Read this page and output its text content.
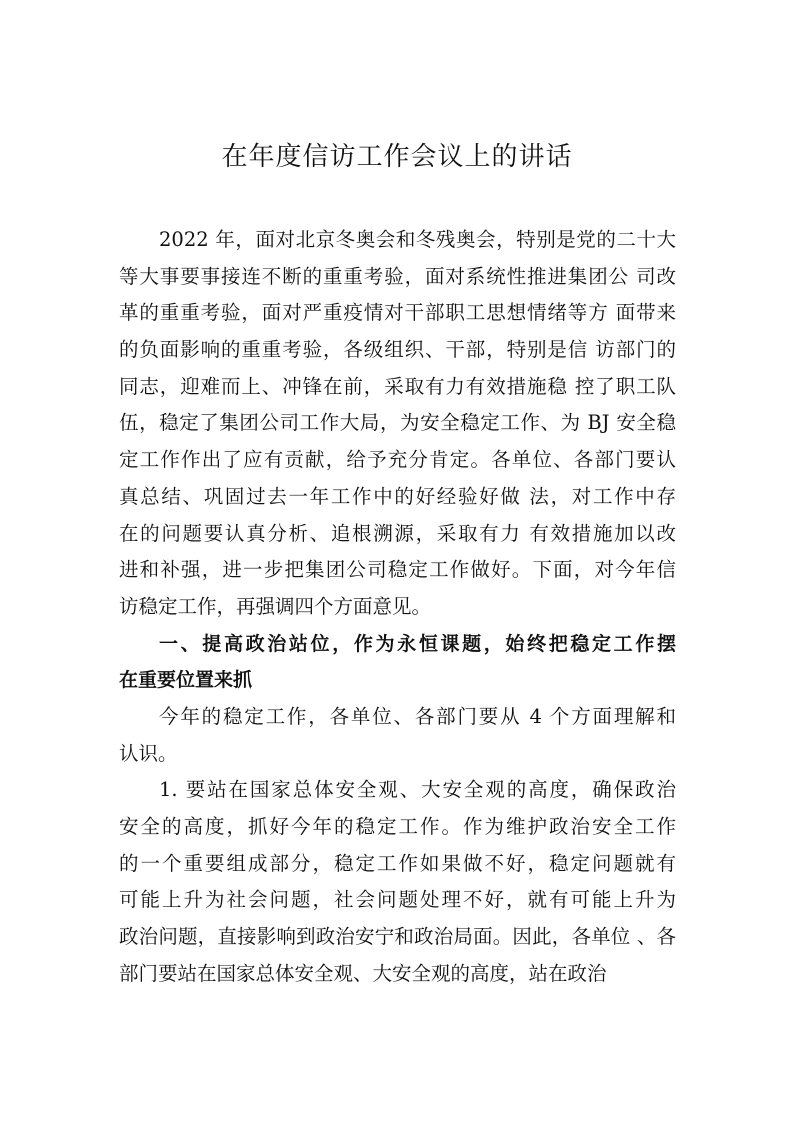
在年度信访工作会议上的讲话
2022 年，面对北京冬奥会和冬残奥会，特别是党的二十大
等大事要事接连不断的重重考验，面对系统性推进集团公 司改
革的重重考验，面对严重疫情对干部职工思想情绪等方 面带来
的负面影响的重重考验，各级组织、干部，特别是信 访部门的
同志，迎难而上、冲锋在前，采取有力有效措施稳 控了职工队
伍，稳定了集团公司工作大局，为安全稳定工作、为 BJ 安全稳
定工作作出了应有贡献，给予充分肯定。各单位、各部门要认
真总结、巩固过去一年工作中的好经验好做 法，对工作中存
在的问题要认真分析、追根溯源，采取有力 有效措施加以改
进和补强，进一步把集团公司稳定工作做好。下面，对今年信
访稳定工作，再强调四个方面意见。
一、提高政治站位，作为永恒课题，始终把稳定工作摆
在重要位置来抓
今年的稳定工作，各单位、各部门要从 4 个方面理解和
认识。
1. 要站在国家总体安全观、大安全观的高度，确保政治
安全的高度，抓好今年的稳定工作。作为维护政治安全工作
的一个重要组成部分，稳定工作如果做不好，稳定问题就有
可能上升为社会问题，社会问题处理不好，就有可能上升为
政治问题，直接影响到政治安宁和政治局面。因此，各单位 、各
部门要站在国家总体安全观、大安全观的高度，站在政治
